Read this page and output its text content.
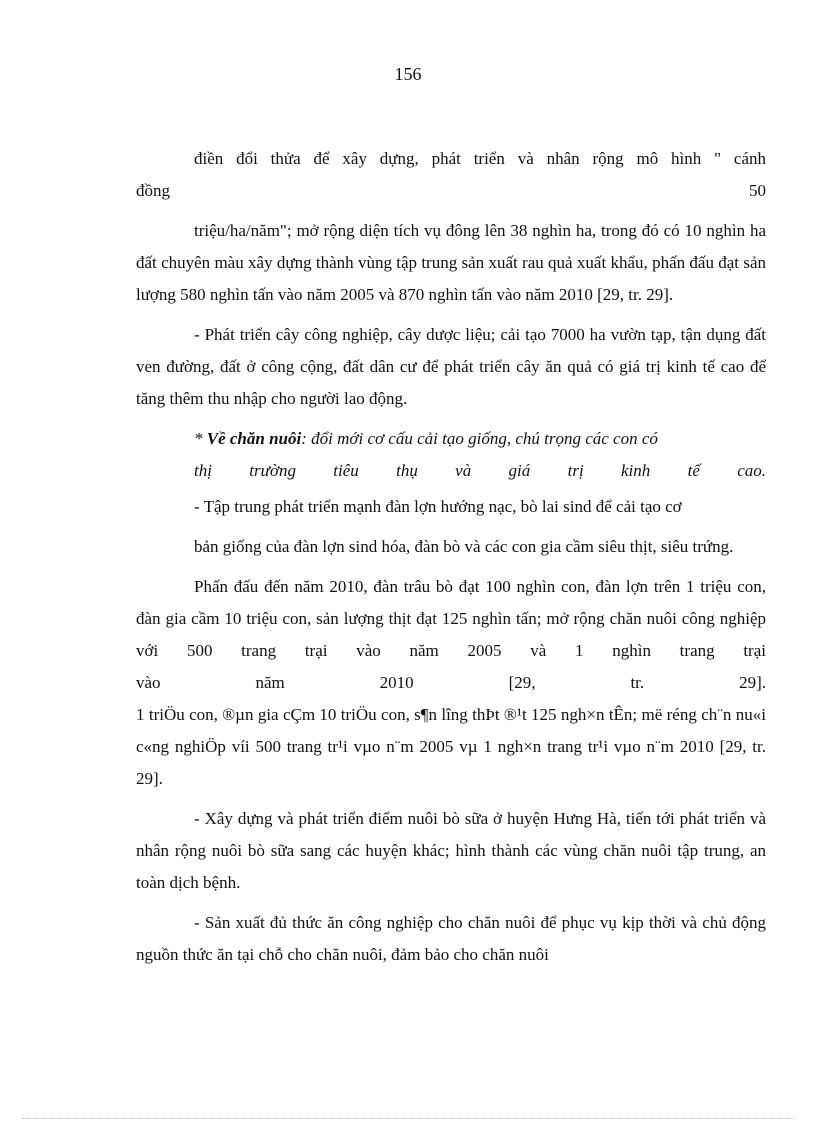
156

điền đổi thửa để xây dựng, phát triển và nhân rộng mô hình " cánh

đồng	50

triệu/ha/năm"; mở rộng diện tích vụ đông lên 38 nghìn ha, trong đó có 10 nghìn ha đất chuyên màu xây dựng thành vùng tập trung sản xuất rau quả xuất khẩu, phấn đấu đạt sản lượng 580 nghìn tấn vào năm 2005 và 870 nghìn tấn vào năm 2010 [29, tr. 29].

- Phát triển cây công nghiệp, cây dược liệu; cải tạo 7000 ha vườn tạp, tận dụng đất ven đường, đất ở công cộng, đất dân cư để phát triển cây ăn quả có giá trị kinh tế cao để tăng thêm thu nhập cho người lao động.

* Về chăn nuôi: đổi mới cơ cấu cải tạo giống, chú trọng các con có

thị trường tiêu thụ và giá trị kinh tế cao.

- Tập trung phát triển mạnh đàn lợn hướng nạc, bò lai sind để cải tạo cơ

bản giống của đàn lợn sind hóa, đàn bò và các con gia cầm siêu thịt, siêu trứng.

Phấn đấu đến năm 2010, đàn trâu bò đạt 100 nghìn con, đàn lợn trên 1 triệu con, đàn gia cầm 10 triệu con, sản lượng thịt đạt 125 nghìn tấn; mở rộng chăn nuôi công nghiệp với 500 trang trại vào năm 2005 và 1 nghìn trang trại

vào năm 2010 [29, tr. 29].

1 triÖu con, ®µn gia cÇm 10 triÖu con, s¶n lîng thÞt ®¹t 125 ngh×n tÊn; më réng ch¨n nu«i c«ng nghiÖp víi 500 trang tr¹i vµo n¨m 2005 vµ 1 ngh×n trang tr¹i vµo n¨m 2010 [29, tr. 29].

- Xây dựng và phát triển điểm nuôi bò sữa ở huyện Hưng Hà, tiến tới phát triển và nhân rộng nuôi bò sữa sang các huyện khác; hình thành các vùng chăn nuôi tập trung, an toàn dịch bệnh.

- Sản xuất đủ thức ăn công nghiệp cho chăn nuôi để phục vụ kịp thời và chủ động nguồn thức ăn tại chỗ cho chăn nuôi, đảm bảo cho chăn nuôi
